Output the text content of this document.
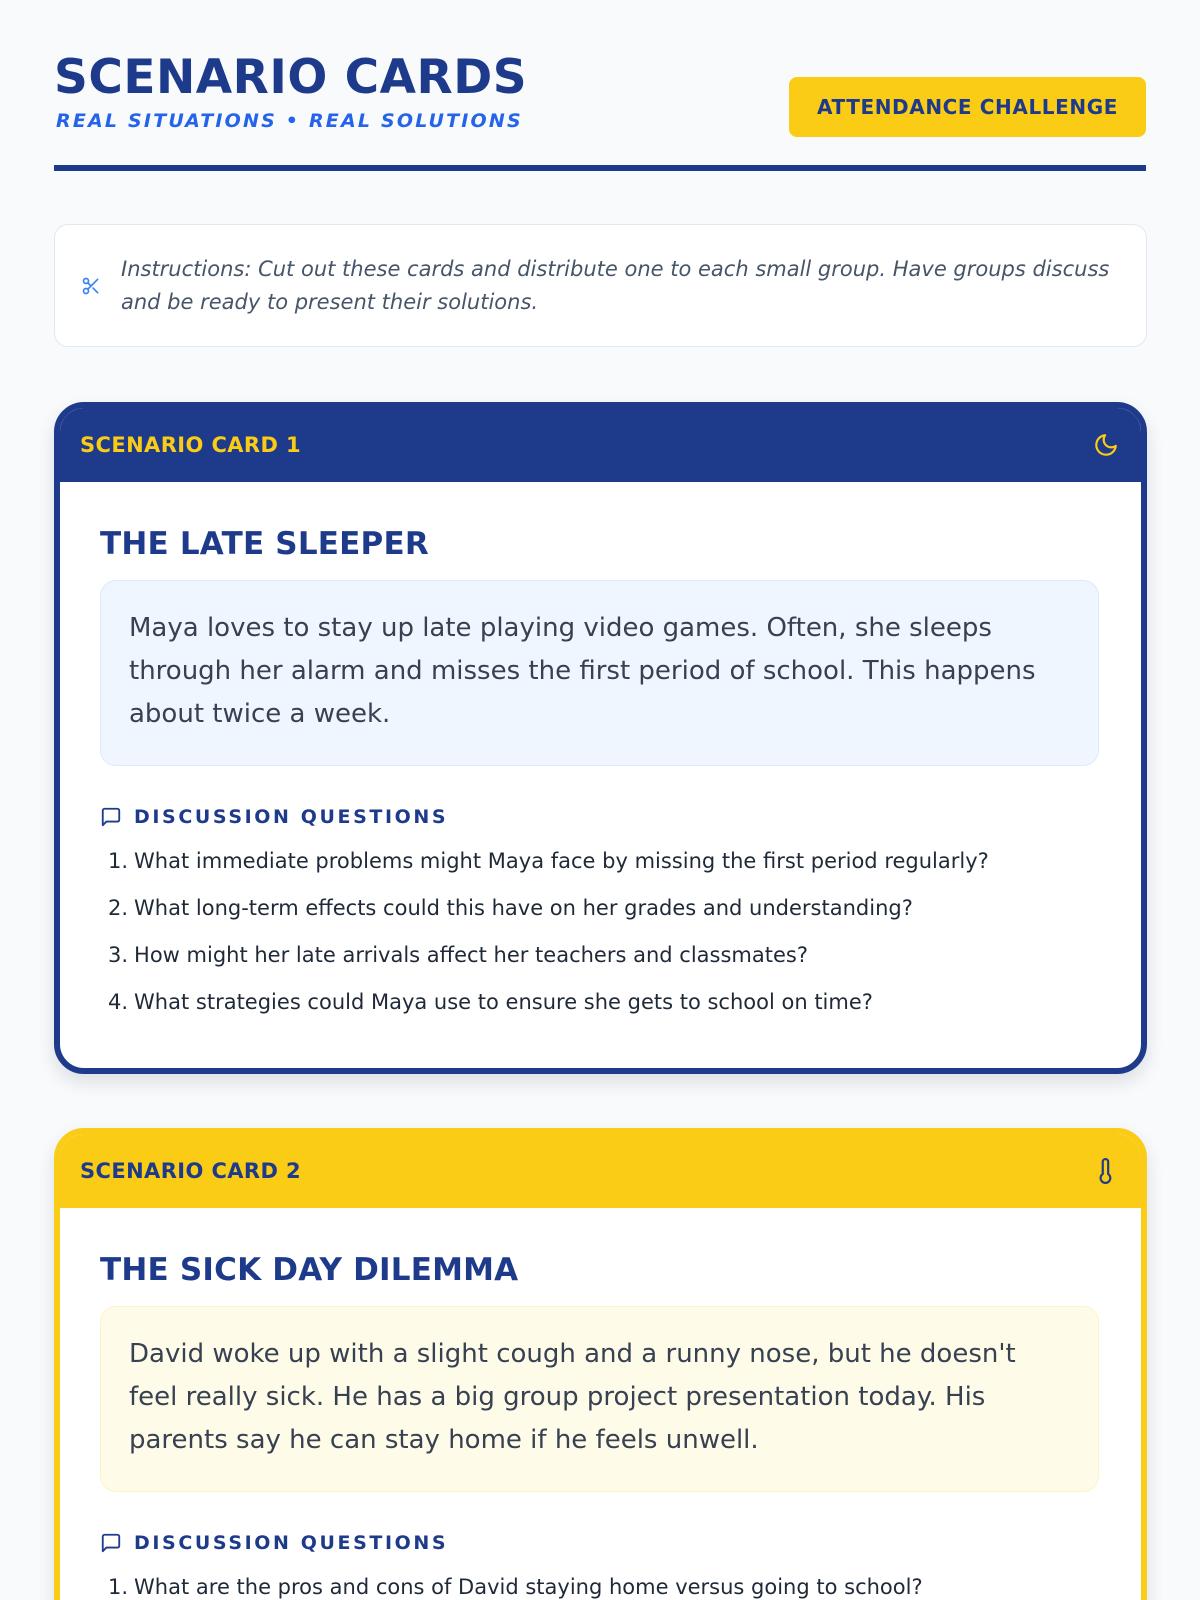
SCENARIO CARDS
REAL SITUATIONS • REAL SOLUTIONS
ATTENDANCE CHALLENGE

Instructions: Cut out these cards and distribute one to each small group. Have groups discuss and be ready to present their solutions.

SCENARIO CARD 1
THE LATE SLEEPER
Maya loves to stay up late playing video games. Often, she sleeps through her alarm and misses the first period of school. This happens about twice a week.
DISCUSSION QUESTIONS
1. What immediate problems might Maya face by missing the first period regularly?
2. What long-term effects could this have on her grades and understanding?
3. How might her late arrivals affect her teachers and classmates?
4. What strategies could Maya use to ensure she gets to school on time?
SCENARIO CARD 2
THE SICK DAY DILEMMA
David woke up with a slight cough and a runny nose, but he doesn't feel really sick. He has a big group project presentation today. His parents say he can stay home if he feels unwell.
DISCUSSION QUESTIONS
1. What are the pros and cons of David staying home versus going to school?
